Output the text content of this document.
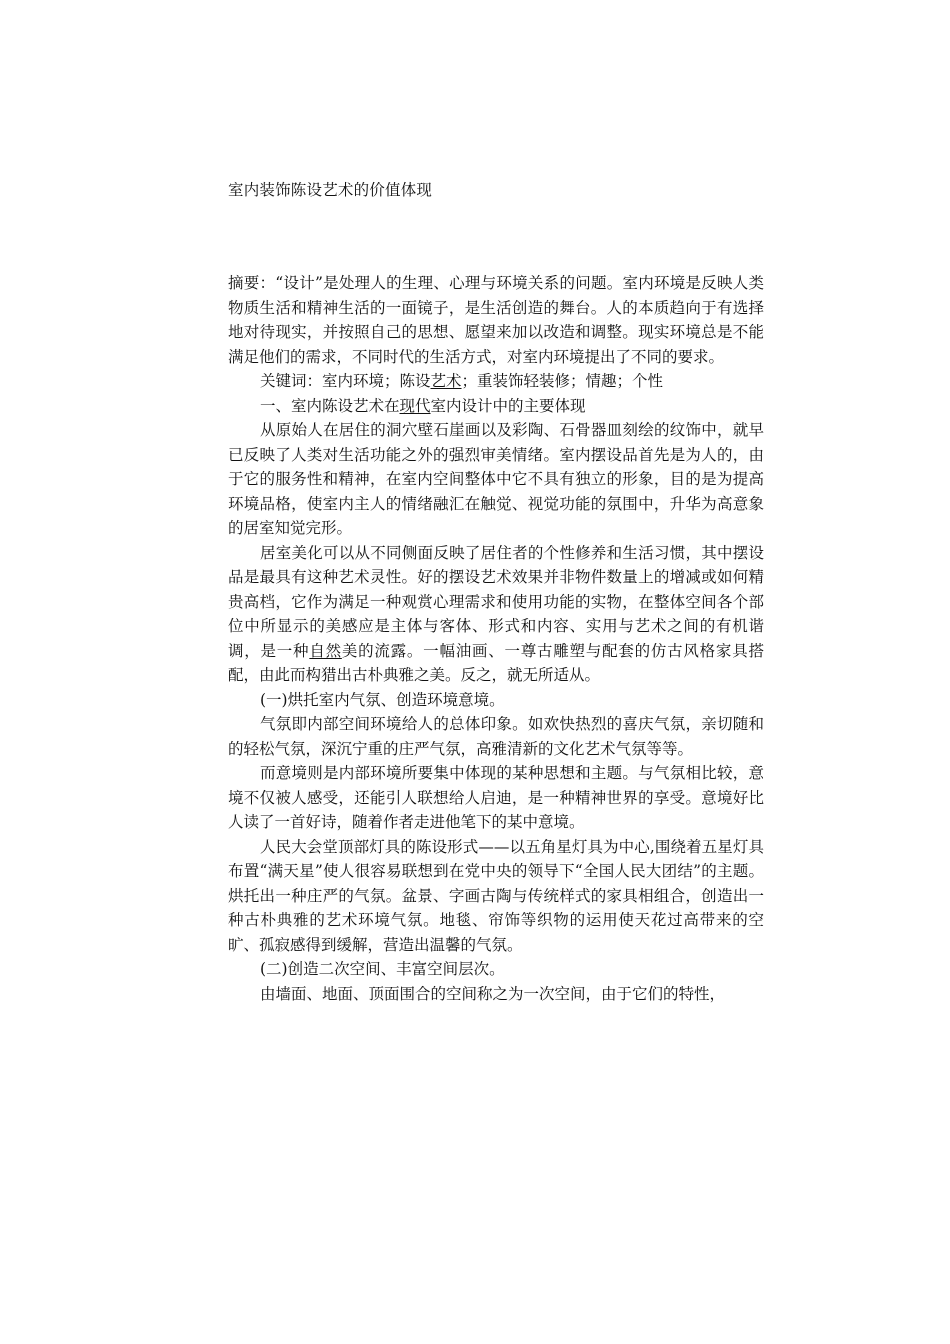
室内装饰陈设艺术的价值体现

摘要：“设计”是处理人的生理、心理与环境关系的问题。室内环境是反映人类物质生活和精神生活的一面镜子，是生活创造的舞台。人的本质趋向于有选择地对待现实，并按照自己的思想、愿望来加以改造和调整。现实环境总是不能满足他们的需求，不同时代的生活方式，对室内环境提出了不同的要求。

关键词：室内环境；陈设艺术；重装饰轻装修；情趣；个性

一、室内陈设艺术在现代室内设计中的主要体现

从原始人在居住的洞穴壁石崖画以及彩陶、石骨器皿刻绘的纹饰中，就早已反映了人类对生活功能之外的强烈审美情绪。室内摆设品首先是为人的，由于它的服务性和精神，在室内空间整体中它不具有独立的形象，目的是为提高环境品格，使室内主人的情绪融汇在触觉、视觉功能的氛围中，升华为高意象的居室知觉完形。

居室美化可以从不同侧面反映了居住者的个性修养和生活习惯，其中摆设品是最具有这种艺术灵性。好的摆设艺术效果并非物件数量上的增减或如何精贵高档，它作为满足一种观赏心理需求和使用功能的实物，在整体空间各个部位中所显示的美感应是主体与客体、形式和内容、实用与艺术之间的有机谐调，是一种自然美的流露。一幅油画、一尊古雕塑与配套的仿古风格家具搭配，由此而构猎出古朴典雅之美。反之，就无所适从。

(一)烘托室内气氛、创造环境意境。

气氛即内部空间环境给人的总体印象。如欢快热烈的喜庆气氛，亲切随和的轻松气氛，深沉宁重的庄严气氛，高雅清新的文化艺术气氛等等。

而意境则是内部环境所要集中体现的某种思想和主题。与气氛相比较，意境不仅被人感受，还能引人联想给人启迪，是一种精神世界的享受。意境好比人读了一首好诗，随着作者走进他笔下的某中意境。

人民大会堂顶部灯具的陈设形式——以五角星灯具为中心,围绕着五星灯具布置“满天星”使人很容易联想到在党中央的领导下“全国人民大团结”的主题。烘托出一种庄严的气氛。盆景、字画古陶与传统样式的家具相组合，创造出一种古朴典雅的艺术环境气氛。地毯、帘饰等织物的运用使天花过高带来的空旷、孤寂感得到缓解，营造出温馨的气氛。

(二)创造二次空间、丰富空间层次。

由墙面、地面、顶面围合的空间称之为一次空间，由于它们的特性，
